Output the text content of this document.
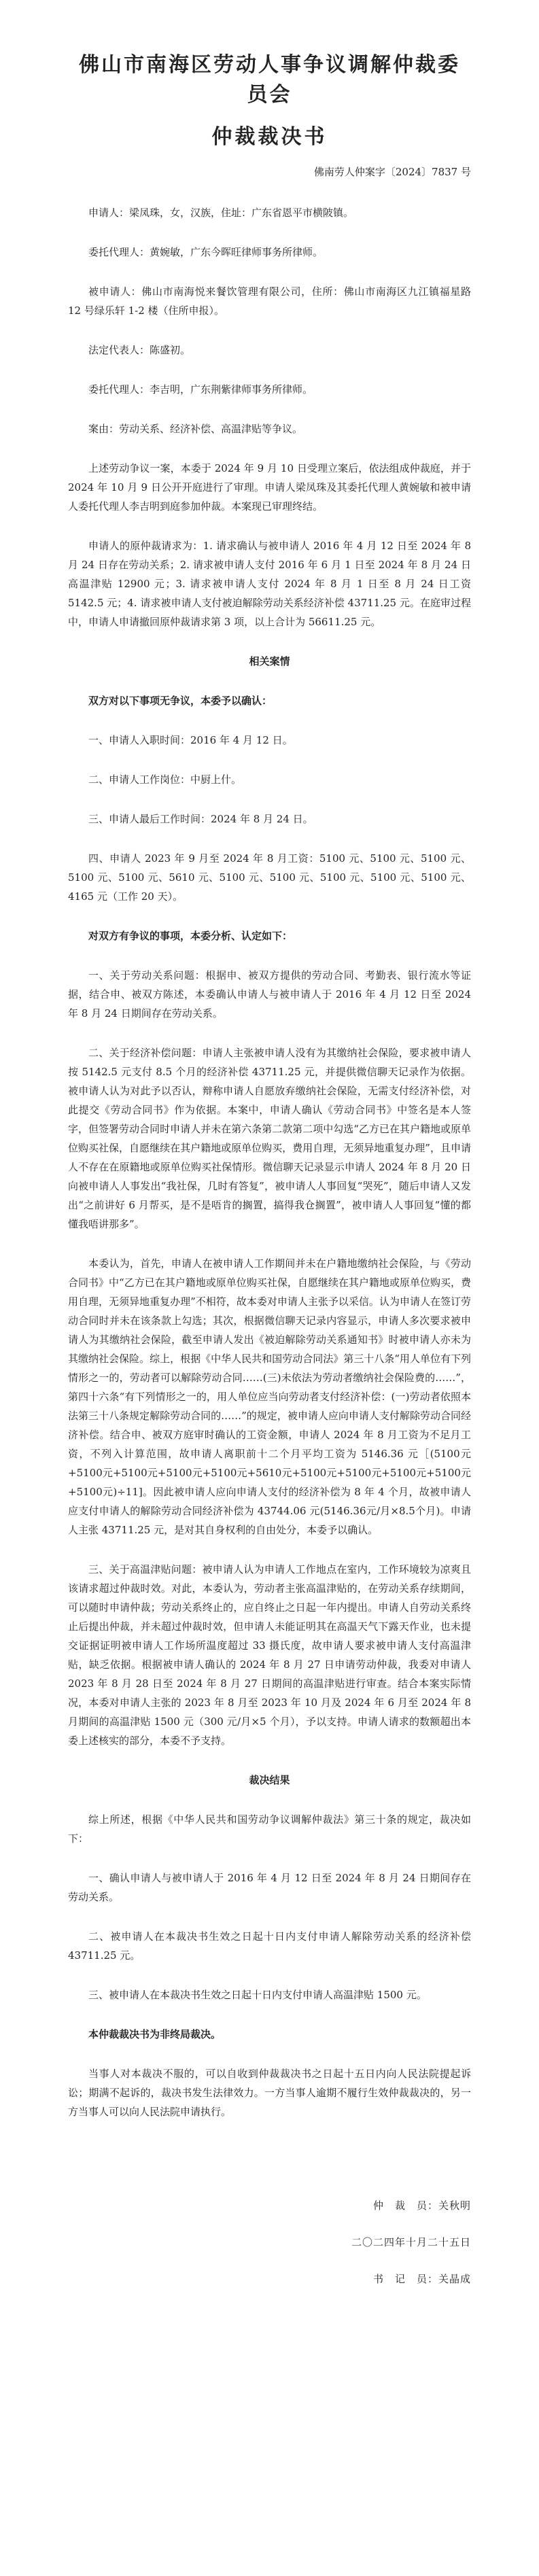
佛山市南海区劳动人事争议调解仲裁委员会
仲裁裁决书
佛南劳人仲案字〔2024〕7837 号

申请人：梁凤珠，女，汉族，住址：广东省恩平市横陂镇。

委托代理人：黄婉敏，广东今晖旺律师事务所律师。

被申请人：佛山市南海悦来餐饮管理有限公司，住所：佛山市南海区九江镇福星路 12 号绿乐轩 1-2 楼（住所申报）。

法定代表人：陈盛初。

委托代理人：李吉明，广东荆紫律师事务所律师。

案由：劳动关系、经济补偿、高温津贴等争议。

上述劳动争议一案，本委于 2024 年 9 月 10 日受理立案后，依法组成仲裁庭，并于 2024 年 10 月 9 日公开开庭进行了审理。申请人梁凤珠及其委托代理人黄婉敏和被申请人委托代理人李吉明到庭参加仲裁。本案现已审理终结。

申请人的原仲裁请求为：1. 请求确认与被申请人 2016 年 4 月 12 日至 2024 年 8 月 24 日存在劳动关系；2. 请求被申请人支付 2016 年 6 月 1 日至 2024 年 8 月 24 日高温津贴 12900 元；3. 请求被申请人支付 2024 年 8 月 1 日至 8 月 24 日工资 5142.5 元；4. 请求被申请人支付被迫解除劳动关系经济补偿 43711.25 元。在庭审过程中，申请人申请撤回原仲裁请求第 3 项，以上合计为 56611.25 元。

相关案情

双方对以下事项无争议，本委予以确认：

一、申请人入职时间：2016 年 4 月 12 日。

二、申请人工作岗位：中厨上什。

三、申请人最后工作时间：2024 年 8 月 24 日。

四、申请人 2023 年 9 月至 2024 年 8 月工资：5100 元、5100 元、5100 元、5100 元、5100 元、5610 元、5100 元、5100 元、5100 元、5100 元、5100 元、4165 元（工作 20 天）。

对双方有争议的事项，本委分析、认定如下：

一、关于劳动关系问题：根据申、被双方提供的劳动合同、考勤表、银行流水等证据，结合申、被双方陈述，本委确认申请人与被申请人于 2016 年 4 月 12 日至 2024 年 8 月 24 日期间存在劳动关系。

二、关于经济补偿问题：申请人主张被申请人没有为其缴纳社会保险，要求被申请人按 5142.5 元支付 8.5 个月的经济补偿 43711.25 元，并提供微信聊天记录作为依据。被申请人认为对此予以否认，辩称申请人自愿放弃缴纳社会保险，无需支付经济补偿，对此提交《劳动合同书》作为依据。本案中，申请人确认《劳动合同书》中签名是本人签字，但签署劳动合同时申请人并未在第六条第二款第二项中勾选“乙方已在其户籍地或原单位购买社保，自愿继续在其户籍地或原单位购买，费用自理，无须异地重复办理”，且申请人不存在在原籍地或原单位购买社保情形。微信聊天记录显示申请人 2024 年 8 月 20 日向被申请人人事发出“我社保，几时有答复”，被申请人人事回复“哭死”，随后申请人又发出“之前讲好 6 月帮买，是不是唔肯的搁置，搞得我仓搁置”，被申请人人事回复“懂的都懂我唔讲那多”。

本委认为，首先，申请人在被申请人工作期间并未在户籍地缴纳社会保险，与《劳动合同书》中“乙方已在其户籍地或原单位购买社保，自愿继续在其户籍地或原单位购买，费用自理，无须异地重复办理”不相符，故本委对申请人主张予以采信。认为申请人在签订劳动合同时并未在该条款上勾选；其次，根据微信聊天记录内容显示，申请人多次要求被申请人为其缴纳社会保险，截至申请人发出《被迫解除劳动关系通知书》时被申请人亦未为其缴纳社会保险。综上，根据《中华人民共和国劳动合同法》第三十八条“用人单位有下列情形之一的，劳动者可以解除劳动合同……(三)未依法为劳动者缴纳社会保险费的……”，第四十六条“有下列情形之一的，用人单位应当向劳动者支付经济补偿：(一)劳动者依照本法第三十八条规定解除劳动合同的……”的规定，被申请人应向申请人支付解除劳动合同经济补偿。结合申、被双方庭审时确认的工资金额，申请人 2024 年 8 月工资为不足月工资，不列入计算范围，故申请人离职前十二个月平均工资为 5146.36 元［(5100元+5100元+5100元+5100元+5100元+5610元+5100元+5100元+5100元+5100元+5100元)÷11]。因此被申请人应向申请人支付的经济补偿为 8 年 4 个月，故被申请人应支付申请人的解除劳动合同经济补偿为 43744.06 元(5146.36元/月×8.5个月)。申请人主张 43711.25 元，是对其自身权利的自由处分，本委予以确认。

三、关于高温津贴问题：被申请人认为申请人工作地点在室内，工作环境较为凉爽且该请求超过仲裁时效。对此，本委认为，劳动者主张高温津贴的，在劳动关系存续期间，可以随时申请仲裁；劳动关系终止的，应自终止之日起一年内提出。申请人自劳动关系终止后提出仲裁，并未超过仲裁时效，但申请人未能证明其在高温天气下露天作业，也未提交证据证明被申请人工作场所温度超过 33 摄氏度，故申请人要求被申请人支付高温津贴，缺乏依据。根据被申请人确认的 2024 年 8 月 27 日申请劳动仲裁，我委对申请人 2023 年 8 月 28 日至 2024 年 8 月 27 日期间的高温津贴进行审查。结合本案实际情况，本委对申请人主张的 2023 年 8 月至 2023 年 10 月及 2024 年 6 月至 2024 年 8 月期间的高温津贴 1500 元（300 元/月×5 个月），予以支持。申请人请求的数额超出本委上述核实的部分，本委不予支持。

裁决结果

综上所述，根据《中华人民共和国劳动争议调解仲裁法》第三十条的规定，裁决如下：

一、确认申请人与被申请人于 2016 年 4 月 12 日至 2024 年 8 月 24 日期间存在劳动关系。

二、被申请人在本裁决书生效之日起十日内支付申请人解除劳动关系的经济补偿 43711.25 元。

三、被申请人在本裁决书生效之日起十日内支付申请人高温津贴 1500 元。

本仲裁裁决书为非终局裁决。

当事人对本裁决不服的，可以自收到仲裁裁决书之日起十五日内向人民法院提起诉讼；期满不起诉的，裁决书发生法律效力。一方当事人逾期不履行生效仲裁裁决的，另一方当事人可以向人民法院申请执行。

仲　裁　员：关秋明

二〇二四年十月二十五日

书　记　员：关晶成
